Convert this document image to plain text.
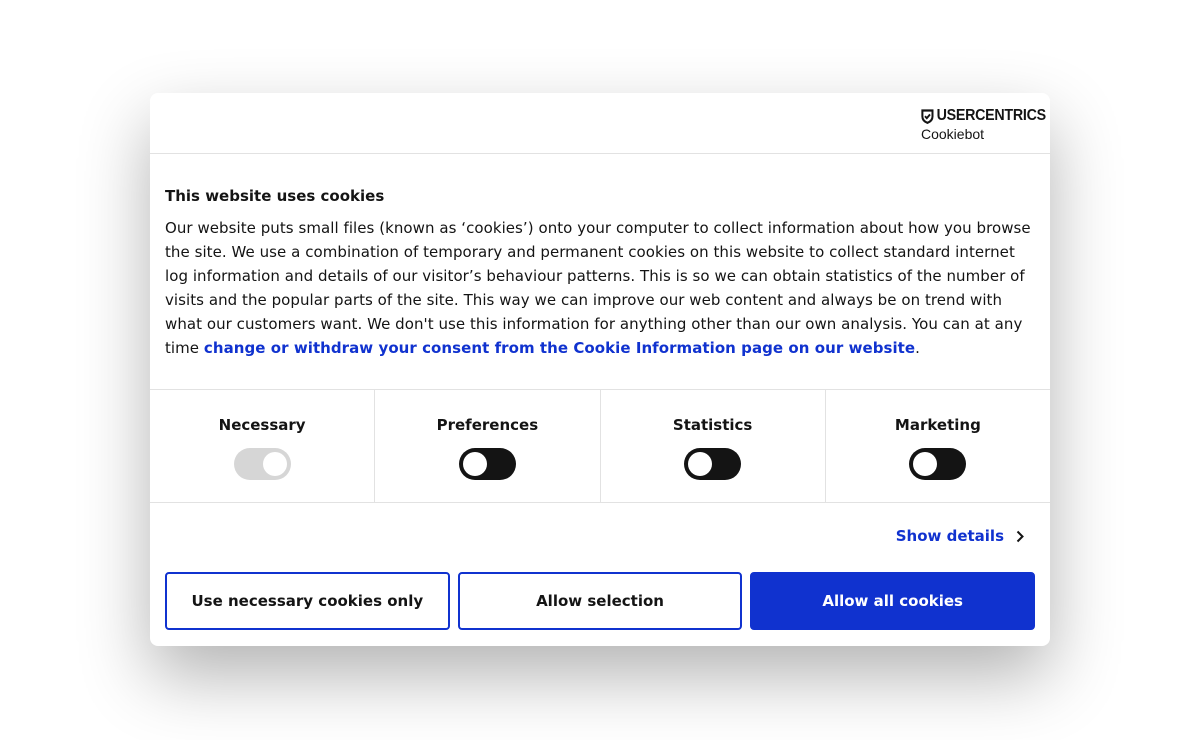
USERCENTRICS
Cookiebot
This website uses cookies

Our website puts small files (known as ‘cookies’) onto your computer to collect information about how you browse the site. We use a combination of temporary and permanent cookies on this website to collect standard internet log information and details of our visitor’s behaviour patterns. This is so we can obtain statistics of the number of visits and the popular parts of the site. This way we can improve our web content and always be on trend with what our customers want. We don't use this information for anything other than our own analysis. You can at any time change or withdraw your consent from the Cookie Information page on our website.

Necessary	Preferences	Statistics	Marketing
Show details
Use necessary cookies only	Allow selection	Allow all cookies
